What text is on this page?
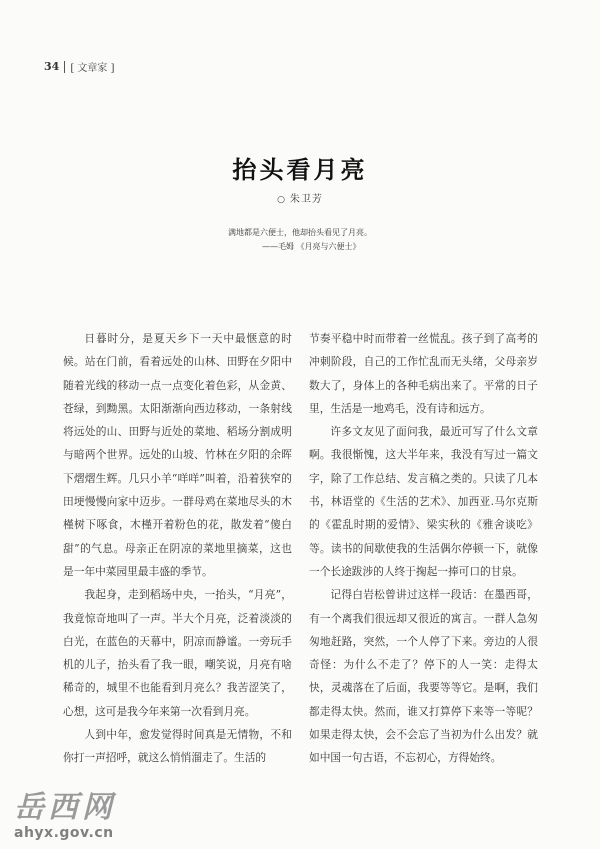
34 [ 文章家 ]
抬头看月亮
○ 朱卫芳
满地都是六便士，他却抬头看见了月亮。
——毛姆 《月亮与六便士》

日暮时分，是夏天乡下一天中最惬意的时候。站在门前，看着远处的山林、田野在夕阳中随着光线的移动一点一点变化着色彩，从金黄、苍绿，到黝黑。太阳渐渐向西边移动，一条射线将远处的山、田野与近处的菜地、稻场分割成明与暗两个世界。远处的山坡、竹林在夕阳的余晖下熠熠生辉。几只小羊“咩咩”叫着，沿着狭窄的田埂慢慢向家中迈步。一群母鸡在菜地尽头的木槿树下啄食，木槿开着粉色的花，散发着“傻白甜”的气息。母亲正在阴凉的菜地里摘菜，这也是一年中菜园里最丰盛的季节。

我起身，走到稻场中央，一抬头，“月亮”，我竟惊奇地叫了一声。半大个月亮，泛着淡淡的白光，在蓝色的天幕中，阴凉而静谧。一旁玩手机的儿子，抬头看了我一眼，嘲笑说，月亮有啥稀奇的，城里不也能看到月亮么？我苦涩笑了，心想，这可是我今年来第一次看到月亮。

人到中年，愈发觉得时间真是无情物，不和你打一声招呼，就这么悄悄溜走了。生活的

节奏平稳中时而带着一丝慌乱。孩子到了高考的冲刺阶段，自己的工作忙乱而无头绪，父母亲岁数大了，身体上的各种毛病出来了。平常的日子里，生活是一地鸡毛，没有诗和远方。

许多文友见了面问我，最近可写了什么文章啊。我很惭愧，这大半年来，我没有写过一篇文字，除了工作总结、发言稿之类的。只读了几本书，林语堂的《生活的艺术》、加西亚.马尔克斯的《霍乱时期的爱情》、梁实秋的《雅舍谈吃》等。读书的间歇使我的生活偶尔停顿一下，就像一个长途跋涉的人终于掬起一捧可口的甘泉。

记得白岩松曾讲过这样一段话：在墨西哥，有一个离我们很远却又很近的寓言。一群人急匆匆地赶路，突然，一个人停了下来。旁边的人很奇怪：为什么不走了？停下的人一笑：走得太快，灵魂落在了后面，我要等等它。是啊，我们都走得太快。然而，谁又打算停下来等一等呢？如果走得太快，会不会忘了当初为什么出发？就如中国一句古语，不忘初心，方得始终。

岳西网
ahyx.gov.cn
